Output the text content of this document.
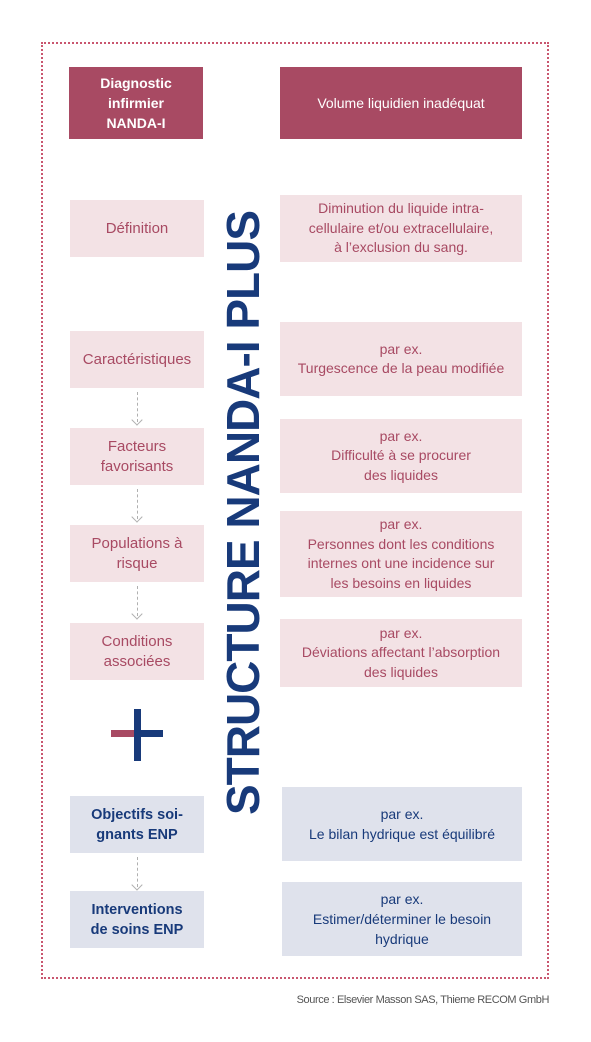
Diagnostic
infirmier
NANDA-I
Volume liquidien inadéquat
Définition
Diminution du liquide intra-
cellulaire et/ou extracellulaire,
à l’exclusion du sang.
Caractéristiques
par ex.
Turgescence de la peau modifiée
Facteurs
favorisants
par ex.
Difficulté à se procurer
des liquides
Populations à
risque
par ex.
Personnes dont les conditions
internes ont une incidence sur
les besoins en liquides
Conditions
associées
par ex.
Déviations affectant l’absorption
des liquides
STRUCTURE NANDA-I PLUS
Objectifs soi-
gnants ENP
par ex.
Le bilan hydrique est équilibré
Interventions
de soins ENP
par ex.
Estimer/déterminer le besoin
hydrique
Source : Elsevier Masson SAS, Thieme RECOM GmbH
